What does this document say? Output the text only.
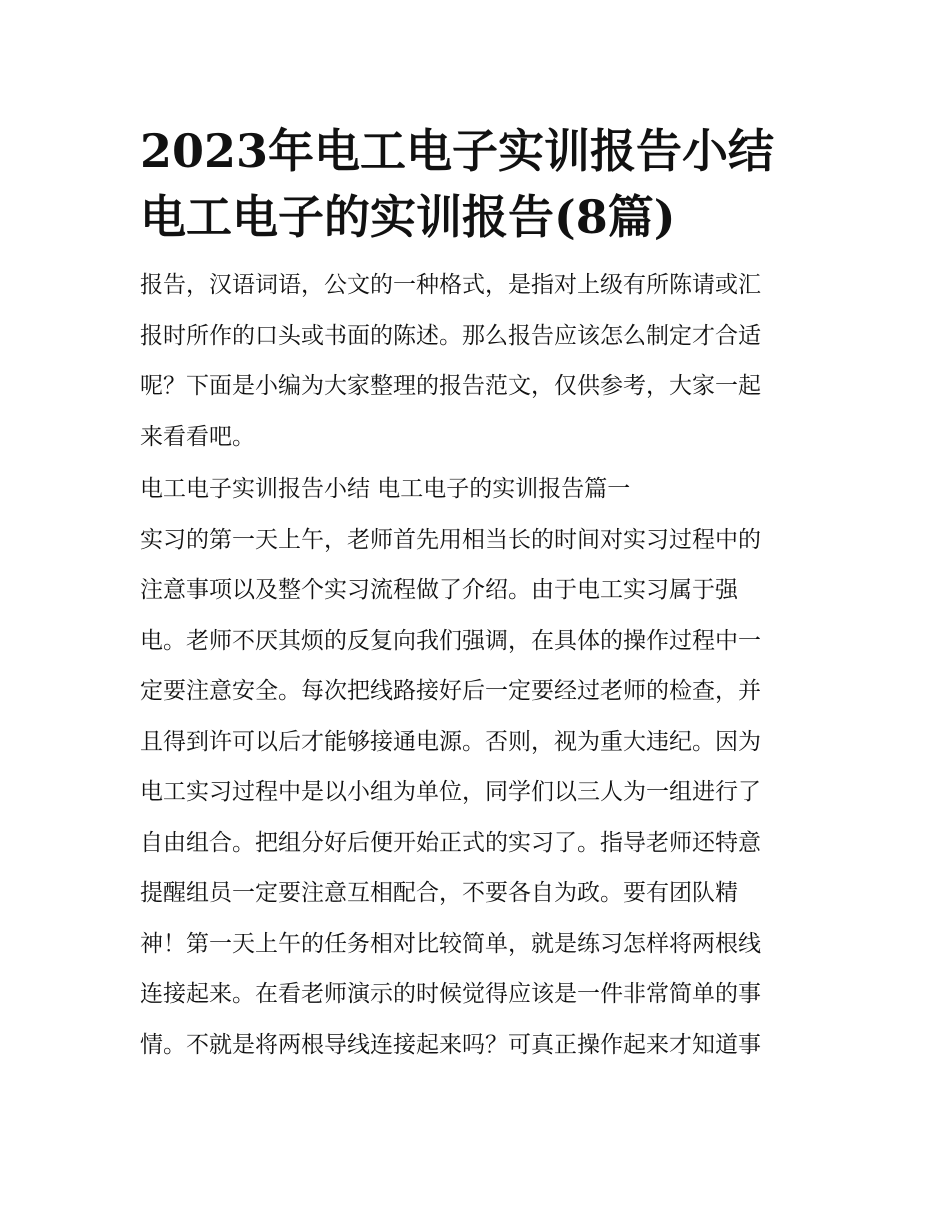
2023年电工电子实训报告小结
电工电子的实训报告(8篇)
报告，汉语词语，公文的一种格式，是指对上级有所陈请或汇
报时所作的口头或书面的陈述。那么报告应该怎么制定才合适
呢？下面是小编为大家整理的报告范文，仅供参考，大家一起
来看看吧。
电工电子实训报告小结 电工电子的实训报告篇一
实习的第一天上午，老师首先用相当长的时间对实习过程中的
注意事项以及整个实习流程做了介绍。由于电工实习属于强
电。老师不厌其烦的反复向我们强调，在具体的操作过程中一
定要注意安全。每次把线路接好后一定要经过老师的检查，并
且得到许可以后才能够接通电源。否则，视为重大违纪。因为
电工实习过程中是以小组为单位，同学们以三人为一组进行了
自由组合。把组分好后便开始正式的实习了。指导老师还特意
提醒组员一定要注意互相配合，不要各自为政。要有团队精
神！第一天上午的任务相对比较简单，就是练习怎样将两根线
连接起来。在看老师演示的时候觉得应该是一件非常简单的事
情。不就是将两根导线连接起来吗？可真正操作起来才知道事
